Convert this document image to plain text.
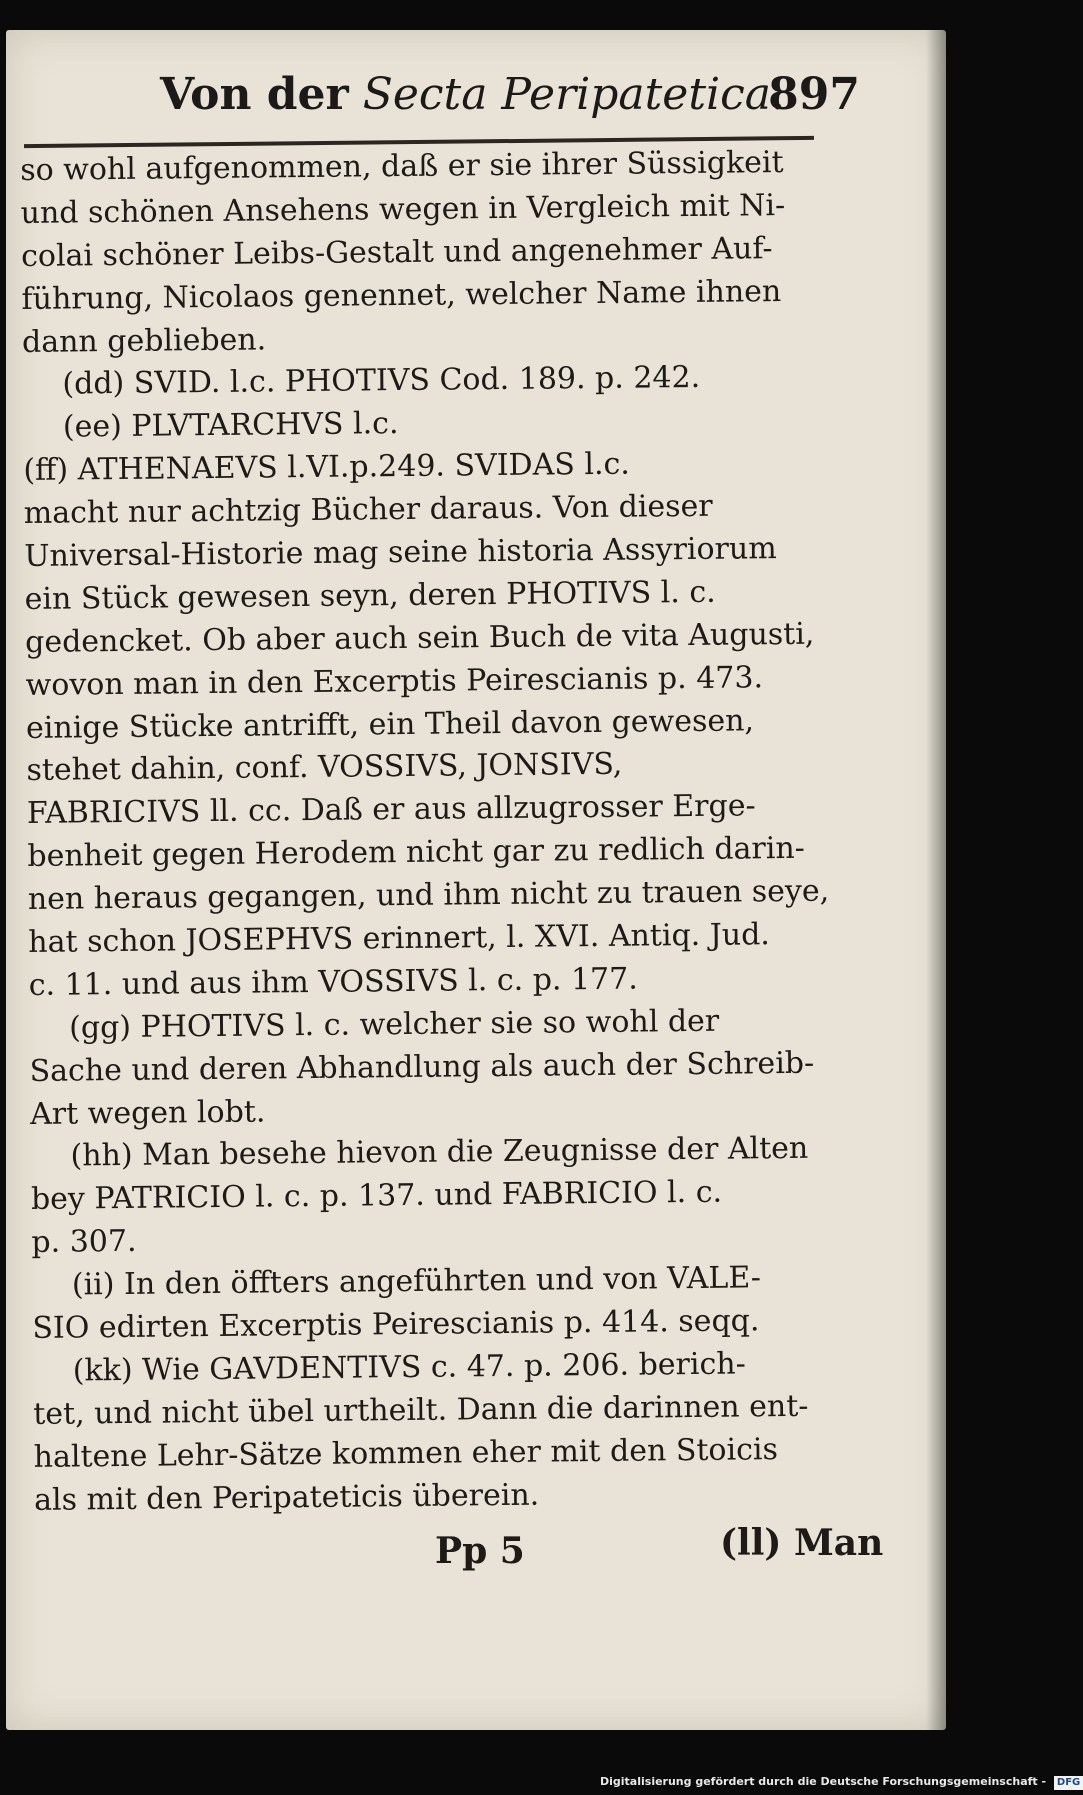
Von der Secta Peripatetica.
897
so wohl aufgenommen, daß er sie ihrer Süssigkeit
und schönen Ansehens wegen in Vergleich mit Ni-
colai schöner Leibs-Gestalt und angenehmer Auf-
führung, Nicolaos genennet, welcher Name ihnen
dann geblieben.
(dd) SVID. l.c. PHOTIVS Cod. 189. p. 242.
(ee) PLVTARCHVS l.c.
(ff) ATHENAEVS l.VI.p.249. SVIDAS l.c.
macht nur achtzig Bücher daraus. Von dieser
Universal-Historie mag seine historia Assyriorum
ein Stück gewesen seyn, deren PHOTIVS l. c.
gedencket. Ob aber auch sein Buch de vita Augusti,
wovon man in den Excerptis Peirescianis p. 473.
einige Stücke antrifft, ein Theil davon gewesen,
stehet dahin, conf. VOSSIVS, JONSIVS,
FABRICIVS ll. cc. Daß er aus allzugrosser Erge-
benheit gegen Herodem nicht gar zu redlich darin-
nen heraus gegangen, und ihm nicht zu trauen seye,
hat schon JOSEPHVS erinnert, l. XVI. Antiq. Jud.
c. 11. und aus ihm VOSSIVS l. c. p. 177.
(gg) PHOTIVS l. c. welcher sie so wohl der
Sache und deren Abhandlung als auch der Schreib-
Art wegen lobt.
(hh) Man besehe hievon die Zeugnisse der Alten
bey PATRICIO l. c. p. 137. und FABRICIO l. c.
p. 307.
(ii) In den öffters angeführten und von VALE-
SIO edirten Excerptis Peirescianis p. 414. seqq.
(kk) Wie GAVDENTIVS c. 47. p. 206. berich-
tet, und nicht übel urtheilt. Dann die darinnen ent-
haltene Lehr-Sätze kommen eher mit den Stoicis
als mit den Peripateticis überein.
Pp 5	(ll) Man
Digitalisierung gefördert durch die Deutsche Forschungsgemeinschaft - DFG
